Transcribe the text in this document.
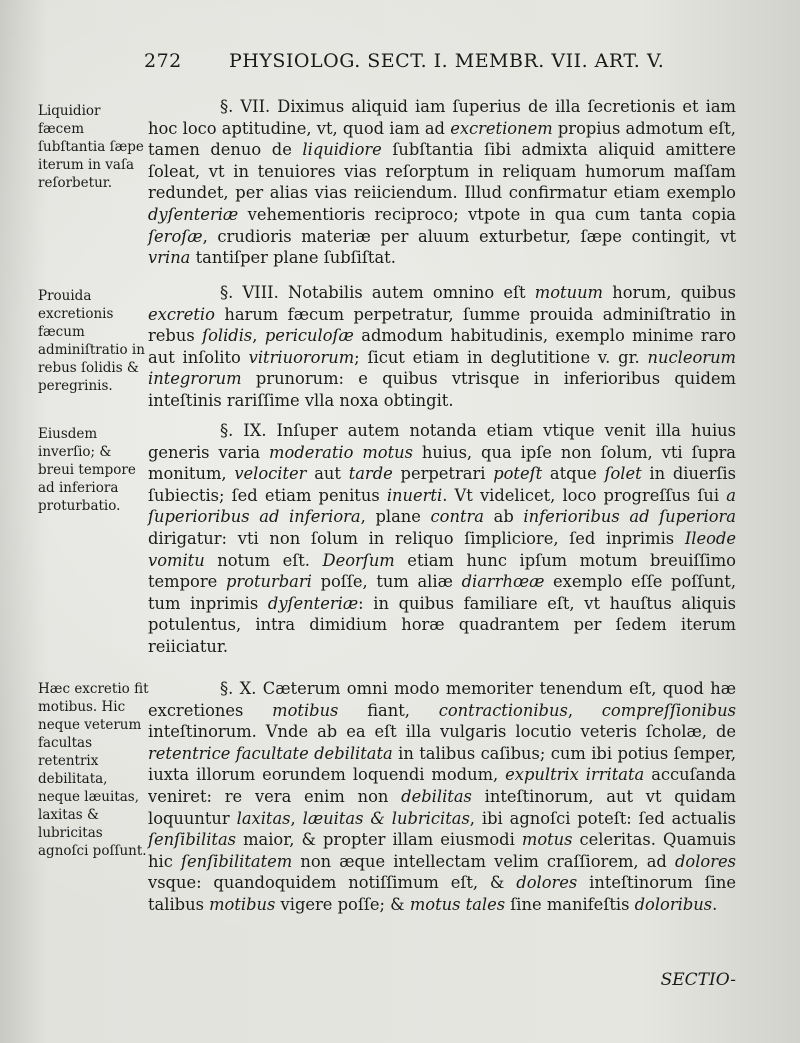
272 PHYSIOLOG. SECT. I. MEMBR. VII. ART. V.
Liquidior fæcem ſubſtantia ſæpe iterum in vaſa reſorbetur.
Prouida excretionis fæcum adminiſtratio in rebus ſolidis & peregrinis.
Eiusdem inverſio; & breui tempore ad inferiora proturbatio.
Hæc excretio fit motibus. Hic neque veterum facultas retentrix debilitata, neque læuitas, laxitas & lubricitas agnoſci poſſunt.
§. VII. Diximus aliquid iam ſuperius de illa ſecretionis et iam hoc loco aptitudine, vt, quod iam ad excretionem propius admotum eſt, tamen denuo de liquidiore ſubſtantia ſibi admixta aliquid amittere ſoleat, vt in tenuiores vias reſorptum in reliquam humorum maſſam redundet, per alias vias reiiciendum. Illud confirmatur etiam exemplo dyſenteriæ vehementioris reciproco; vtpote in qua cum tanta copia ſeroſæ, crudioris materiæ per aluum exturbetur, ſæpe contingit, vt vrina tantiſper plane ſubſiſtat.
§. VIII. Notabilis autem omnino eſt motuum horum, quibus excretio harum fæcum perpetratur, ſumme prouida adminiſtratio in rebus ſolidis, periculoſæ admodum habitudinis, exemplo minime raro aut inſolito vitriuororum; ſicut etiam in deglutitione v. gr. nucleorum integrorum prunorum: e quibus vtrisque in inferioribus quidem inteſtinis rariſſime vlla noxa obtingit.
§. IX. Inſuper autem notanda etiam vtique venit illa huius generis varia moderatio motus huius, qua ipſe non ſolum, vti ſupra monitum, velociter aut tarde perpetrari poteſt atque ſolet in diuerſis ſubiectis; ſed etiam penitus inuerti. Vt videlicet, loco progreſſus ſui a ſuperioribus ad inferiora, plane contra ab inferioribus ad ſuperiora dirigatur: vti non ſolum in reliquo ſimpliciore, ſed inprimis Ileode vomitu notum eſt. Deorſum etiam hunc ipſum motum breuiſſimo tempore proturbari poſſe, tum aliæ diarrhœæ exemplo eſſe poſſunt, tum inprimis dyſenteriæ: in quibus familiare eſt, vt hauſtus aliquis potulentus, intra dimidium horæ quadrantem per ſedem iterum reiiciatur.
§. X. Cæterum omni modo memoriter tenendum eſt, quod hæ excretiones motibus fiant, contractionibus, compreſſionibus inteſtinorum. Vnde ab ea eſt illa vulgaris locutio veteris ſcholæ, de retentrice facultate debilitata in talibus caſibus; cum ibi potius ſemper, iuxta illorum eorundem loquendi modum, expultrix irritata accuſanda veniret: re vera enim non debilitas inteſtinorum, aut vt quidam loquuntur laxitas, læuitas & lubricitas, ibi agnoſci poteſt: ſed actualis ſenſibilitas maior, & propter illam eiusmodi motus celeritas. Quamuis hic ſenſibilitatem non æque intellectam velim craſſiorem, ad dolores vsque: quandoquidem notiſſimum eſt, & dolores inteſtinorum ſine talibus motibus vigere poſſe; & motus tales ſine manifeſtis doloribus.
SECTIO-
